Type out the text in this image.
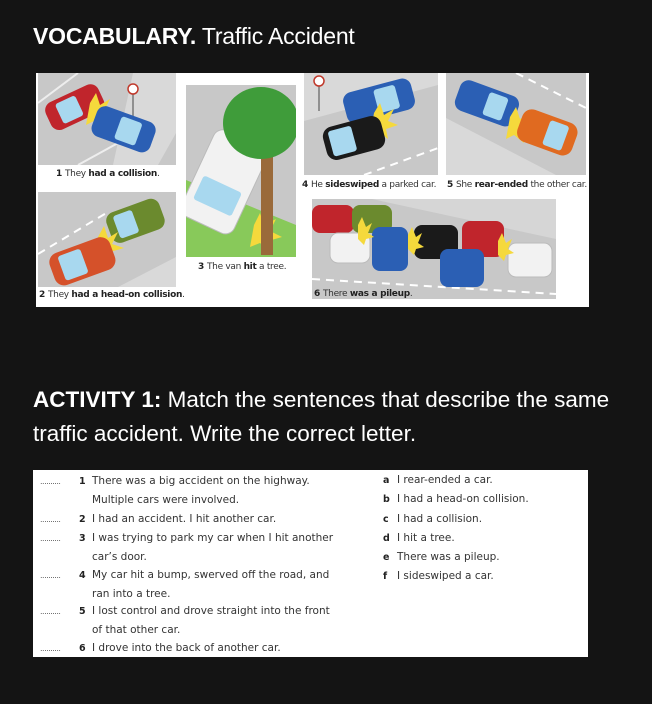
VOCABULARY. Traffic Accident
1 They had a collision.
2 They had a head-on collision.
3 The van hit a tree.
4 He sideswiped a parked car. 5 She rear-ended the other car.
6 There was a pileup.
ACTIVITY 1: Match the sentences that describe the same traffic accident. Write the correct letter.
..........	1 There was a big accident on the highway. Multiple cars were involved.
..........	2 I had an accident. I hit another car.
..........	3 I was trying to park my car when I hit another car’s door.
..........	4 My car hit a bump, swerved off the road, and ran into a tree.
..........	5 I lost control and drove straight into the front of that other car.
..........	6 I drove into the back of another car.
a I rear-ended a car.
b I had a head-on collision.
c I had a collision.
d I hit a tree.
e There was a pileup.
f I sideswiped a car.
